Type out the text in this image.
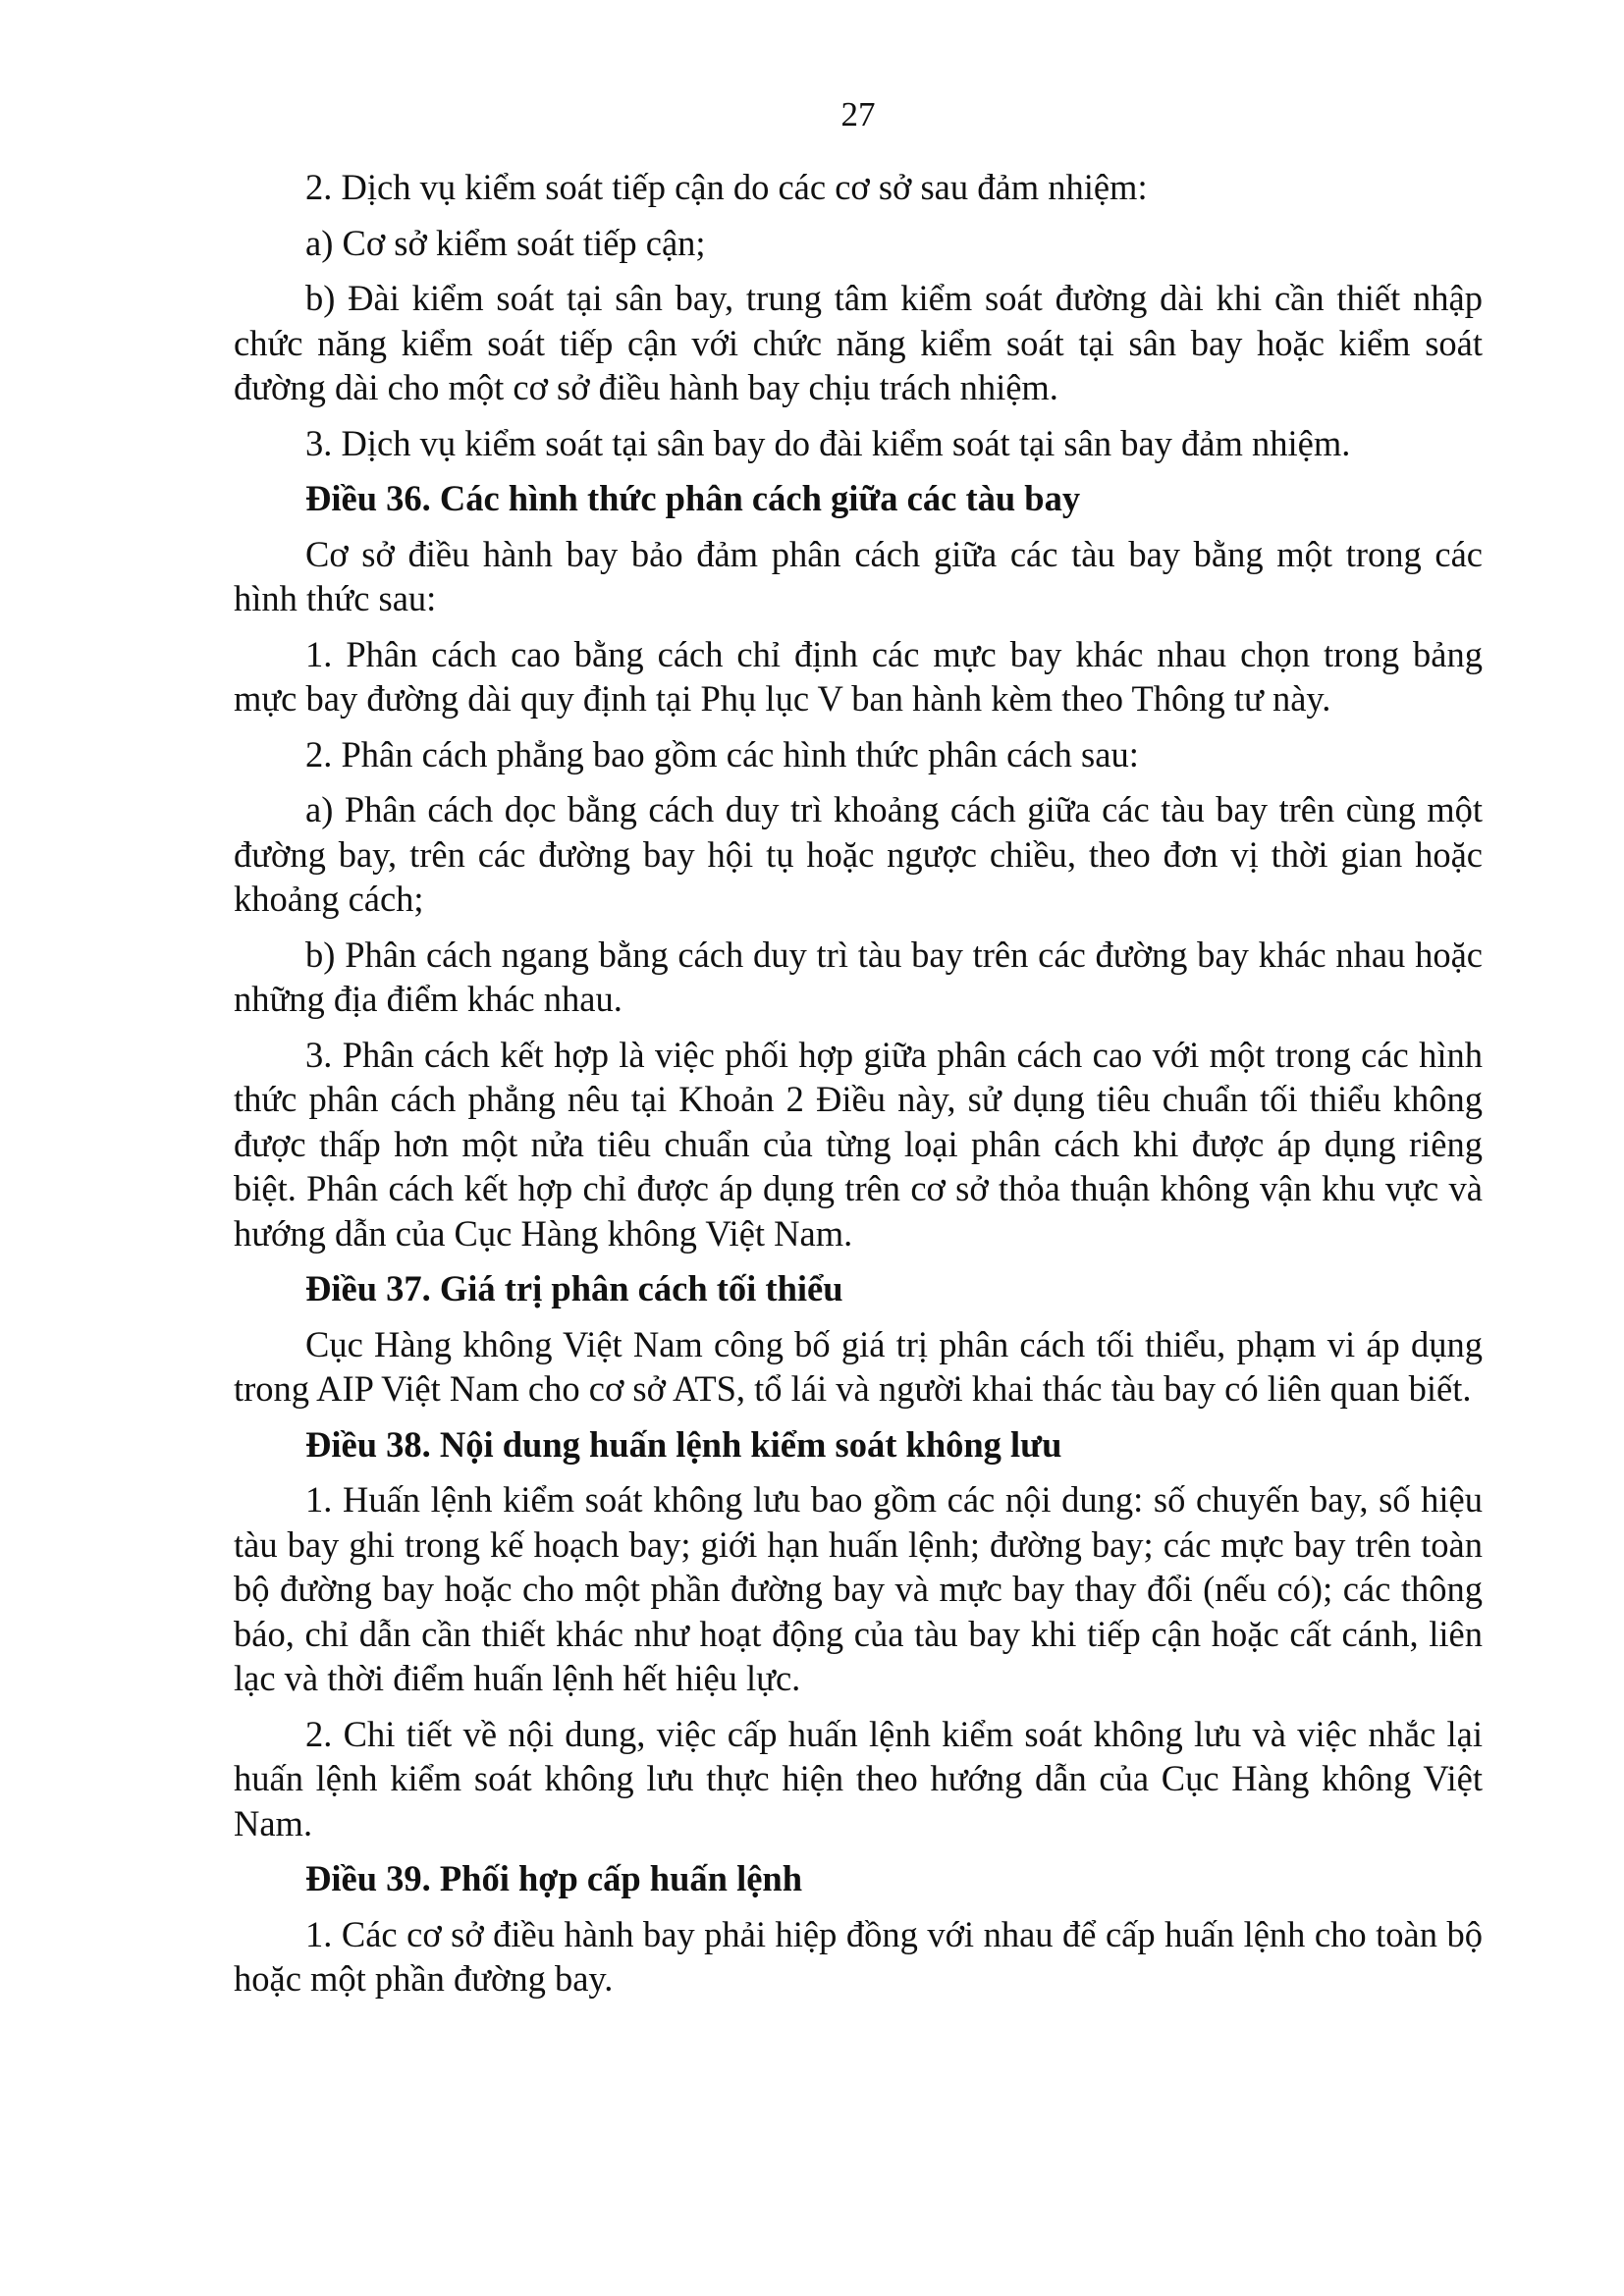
27

2. Dịch vụ kiểm soát tiếp cận do các cơ sở sau đảm nhiệm:

a) Cơ sở kiểm soát tiếp cận;

b) Đài kiểm soát tại sân bay, trung tâm kiểm soát đường dài khi cần thiết nhập chức năng kiểm soát tiếp cận với chức năng kiểm soát tại sân bay hoặc kiểm soát đường dài cho một cơ sở điều hành bay chịu trách nhiệm.

3. Dịch vụ kiểm soát tại sân bay do đài kiểm soát tại sân bay đảm nhiệm.

Điều 36. Các hình thức phân cách giữa các tàu bay

Cơ sở điều hành bay bảo đảm phân cách giữa các tàu bay bằng một trong các hình thức sau:

1. Phân cách cao bằng cách chỉ định các mực bay khác nhau chọn trong bảng mực bay đường dài quy định tại Phụ lục V ban hành kèm theo Thông tư này.

2. Phân cách phẳng bao gồm các hình thức phân cách sau:

a) Phân cách dọc bằng cách duy trì khoảng cách giữa các tàu bay trên cùng một đường bay, trên các đường bay hội tụ hoặc ngược chiều, theo đơn vị thời gian hoặc khoảng cách;

b) Phân cách ngang bằng cách duy trì tàu bay trên các đường bay khác nhau hoặc những địa điểm khác nhau.

3. Phân cách kết hợp là việc phối hợp giữa phân cách cao với một trong các hình thức phân cách phẳng nêu tại Khoản 2 Điều này, sử dụng tiêu chuẩn tối thiểu không được thấp hơn một nửa tiêu chuẩn của từng loại phân cách khi được áp dụng riêng biệt. Phân cách kết hợp chỉ được áp dụng trên cơ sở thỏa thuận không vận khu vực và hướng dẫn của Cục Hàng không Việt Nam.

Điều 37. Giá trị phân cách tối thiểu

Cục Hàng không Việt Nam công bố giá trị phân cách tối thiểu, phạm vi áp dụng trong AIP Việt Nam cho cơ sở ATS, tổ lái và người khai thác tàu bay có liên quan biết.

Điều 38. Nội dung huấn lệnh kiểm soát không lưu

1. Huấn lệnh kiểm soát không lưu bao gồm các nội dung: số chuyến bay, số hiệu tàu bay ghi trong kế hoạch bay; giới hạn huấn lệnh; đường bay; các mực bay trên toàn bộ đường bay hoặc cho một phần đường bay và mực bay thay đổi (nếu có); các thông báo, chỉ dẫn cần thiết khác như hoạt động của tàu bay khi tiếp cận hoặc cất cánh, liên lạc và thời điểm huấn lệnh hết hiệu lực.

2. Chi tiết về nội dung, việc cấp huấn lệnh kiểm soát không lưu và việc nhắc lại huấn lệnh kiểm soát không lưu thực hiện theo hướng dẫn của Cục Hàng không Việt Nam.

Điều 39. Phối hợp cấp huấn lệnh

1. Các cơ sở điều hành bay phải hiệp đồng với nhau để cấp huấn lệnh cho toàn bộ hoặc một phần đường bay.
